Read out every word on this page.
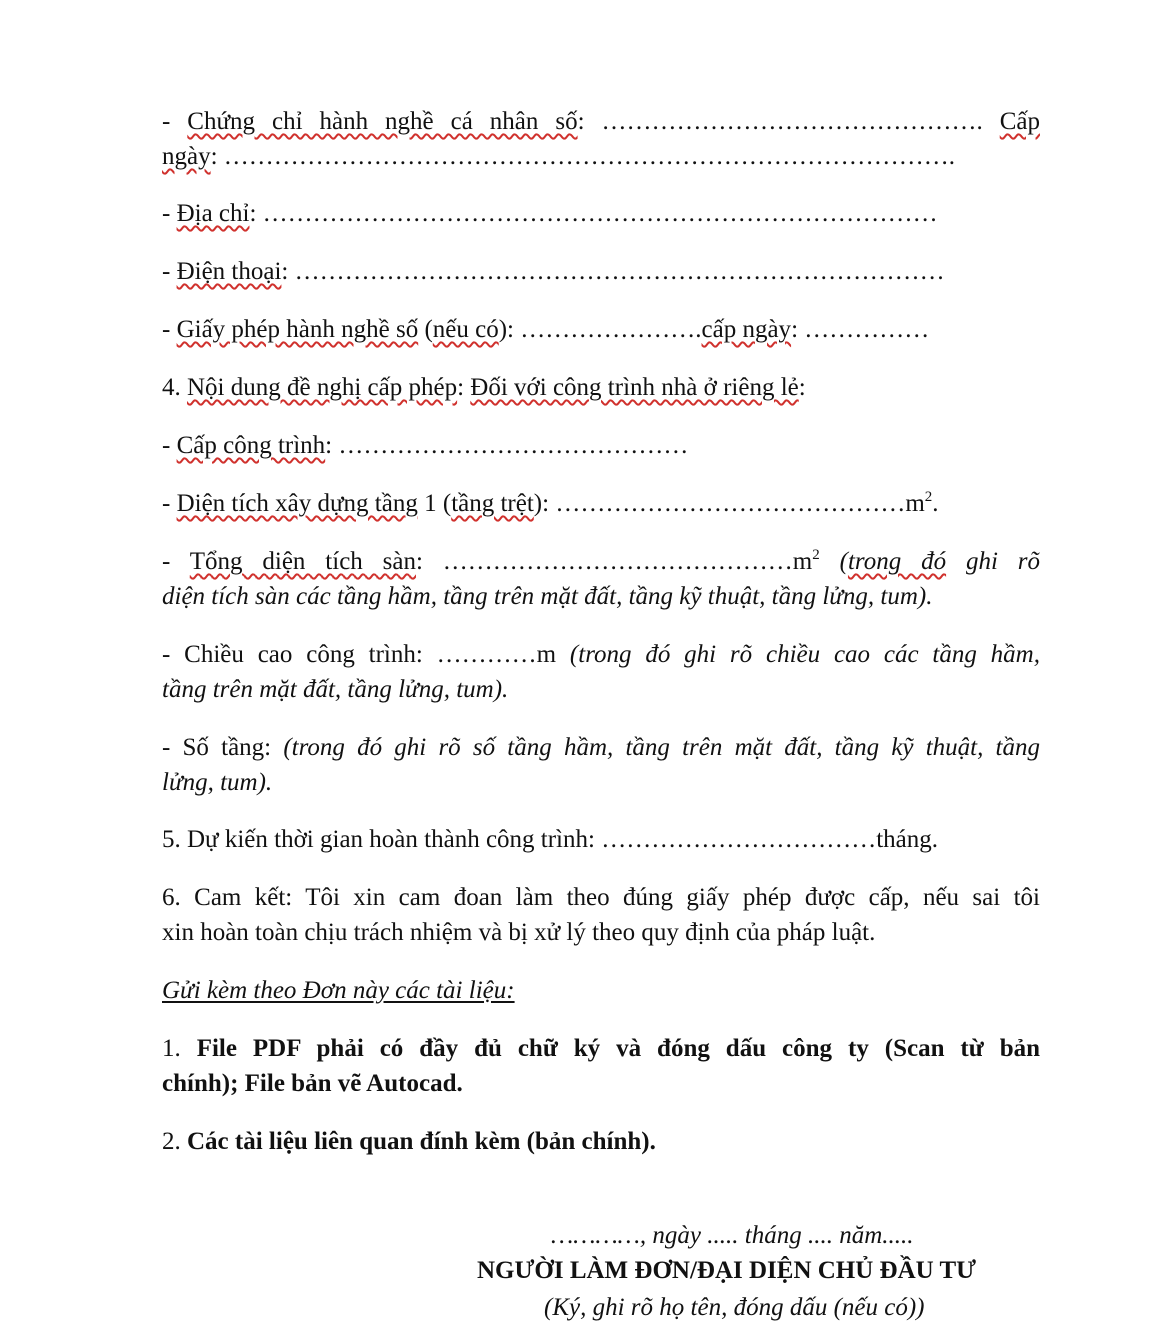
- Chứng chỉ hành nghề cá nhân số: ………………………………………. Cấp

ngày: …………………………………………………………………………….

- Địa chỉ: ………………………………………………………………………

- Điện thoại: ……………………………………………………………………

- Giấy phép hành nghề số (nếu có): ………………….cấp ngày: ……………

4. Nội dung đề nghị cấp phép: Đối với công trình nhà ở riêng lẻ:

- Cấp công trình: ……………………………………

- Diện tích xây dựng tầng 1 (tầng trệt): $\dots\dots\dots\dots\dots\dots\dots\dots\dots\dots\dots\dots\dots\dots m^2$.

- Tổng diện tích sàn: $\dots\dots\dots\dots\dots\dots\dots\dots\dots\dots\dots\dots\dots\dots m^2$ (trong đó ghi rõ

diện tích sàn các tầng hầm, tầng trên mặt đất, tầng kỹ thuật, tầng lửng, tum).

- Chiều cao công trình: …………m (trong đó ghi rõ chiều cao các tầng hầm,

tầng trên mặt đất, tầng lửng, tum).

- Số tầng: (trong đó ghi rõ số tầng hầm, tầng trên mặt đất, tầng kỹ thuật, tầng

lửng, tum).

5. Dự kiến thời gian hoàn thành công trình: ……………………………tháng.

6. Cam kết: Tôi xin cam đoan làm theo đúng giấy phép được cấp, nếu sai tôi

xin hoàn toàn chịu trách nhiệm và bị xử lý theo quy định của pháp luật.

Gửi kèm theo Đơn này các tài liệu:

1. File PDF phải có đầy đủ chữ ký và đóng dấu công ty (Scan từ bản

chính); File bản vẽ Autocad.

2. Các tài liệu liên quan đính kèm (bản chính).

…………, ngày ..... tháng .... năm.....

NGƯỜI LÀM ĐƠN/ĐẠI DIỆN CHỦ ĐẦU TƯ

(Ký, ghi rõ họ tên, đóng dấu (nếu có))
